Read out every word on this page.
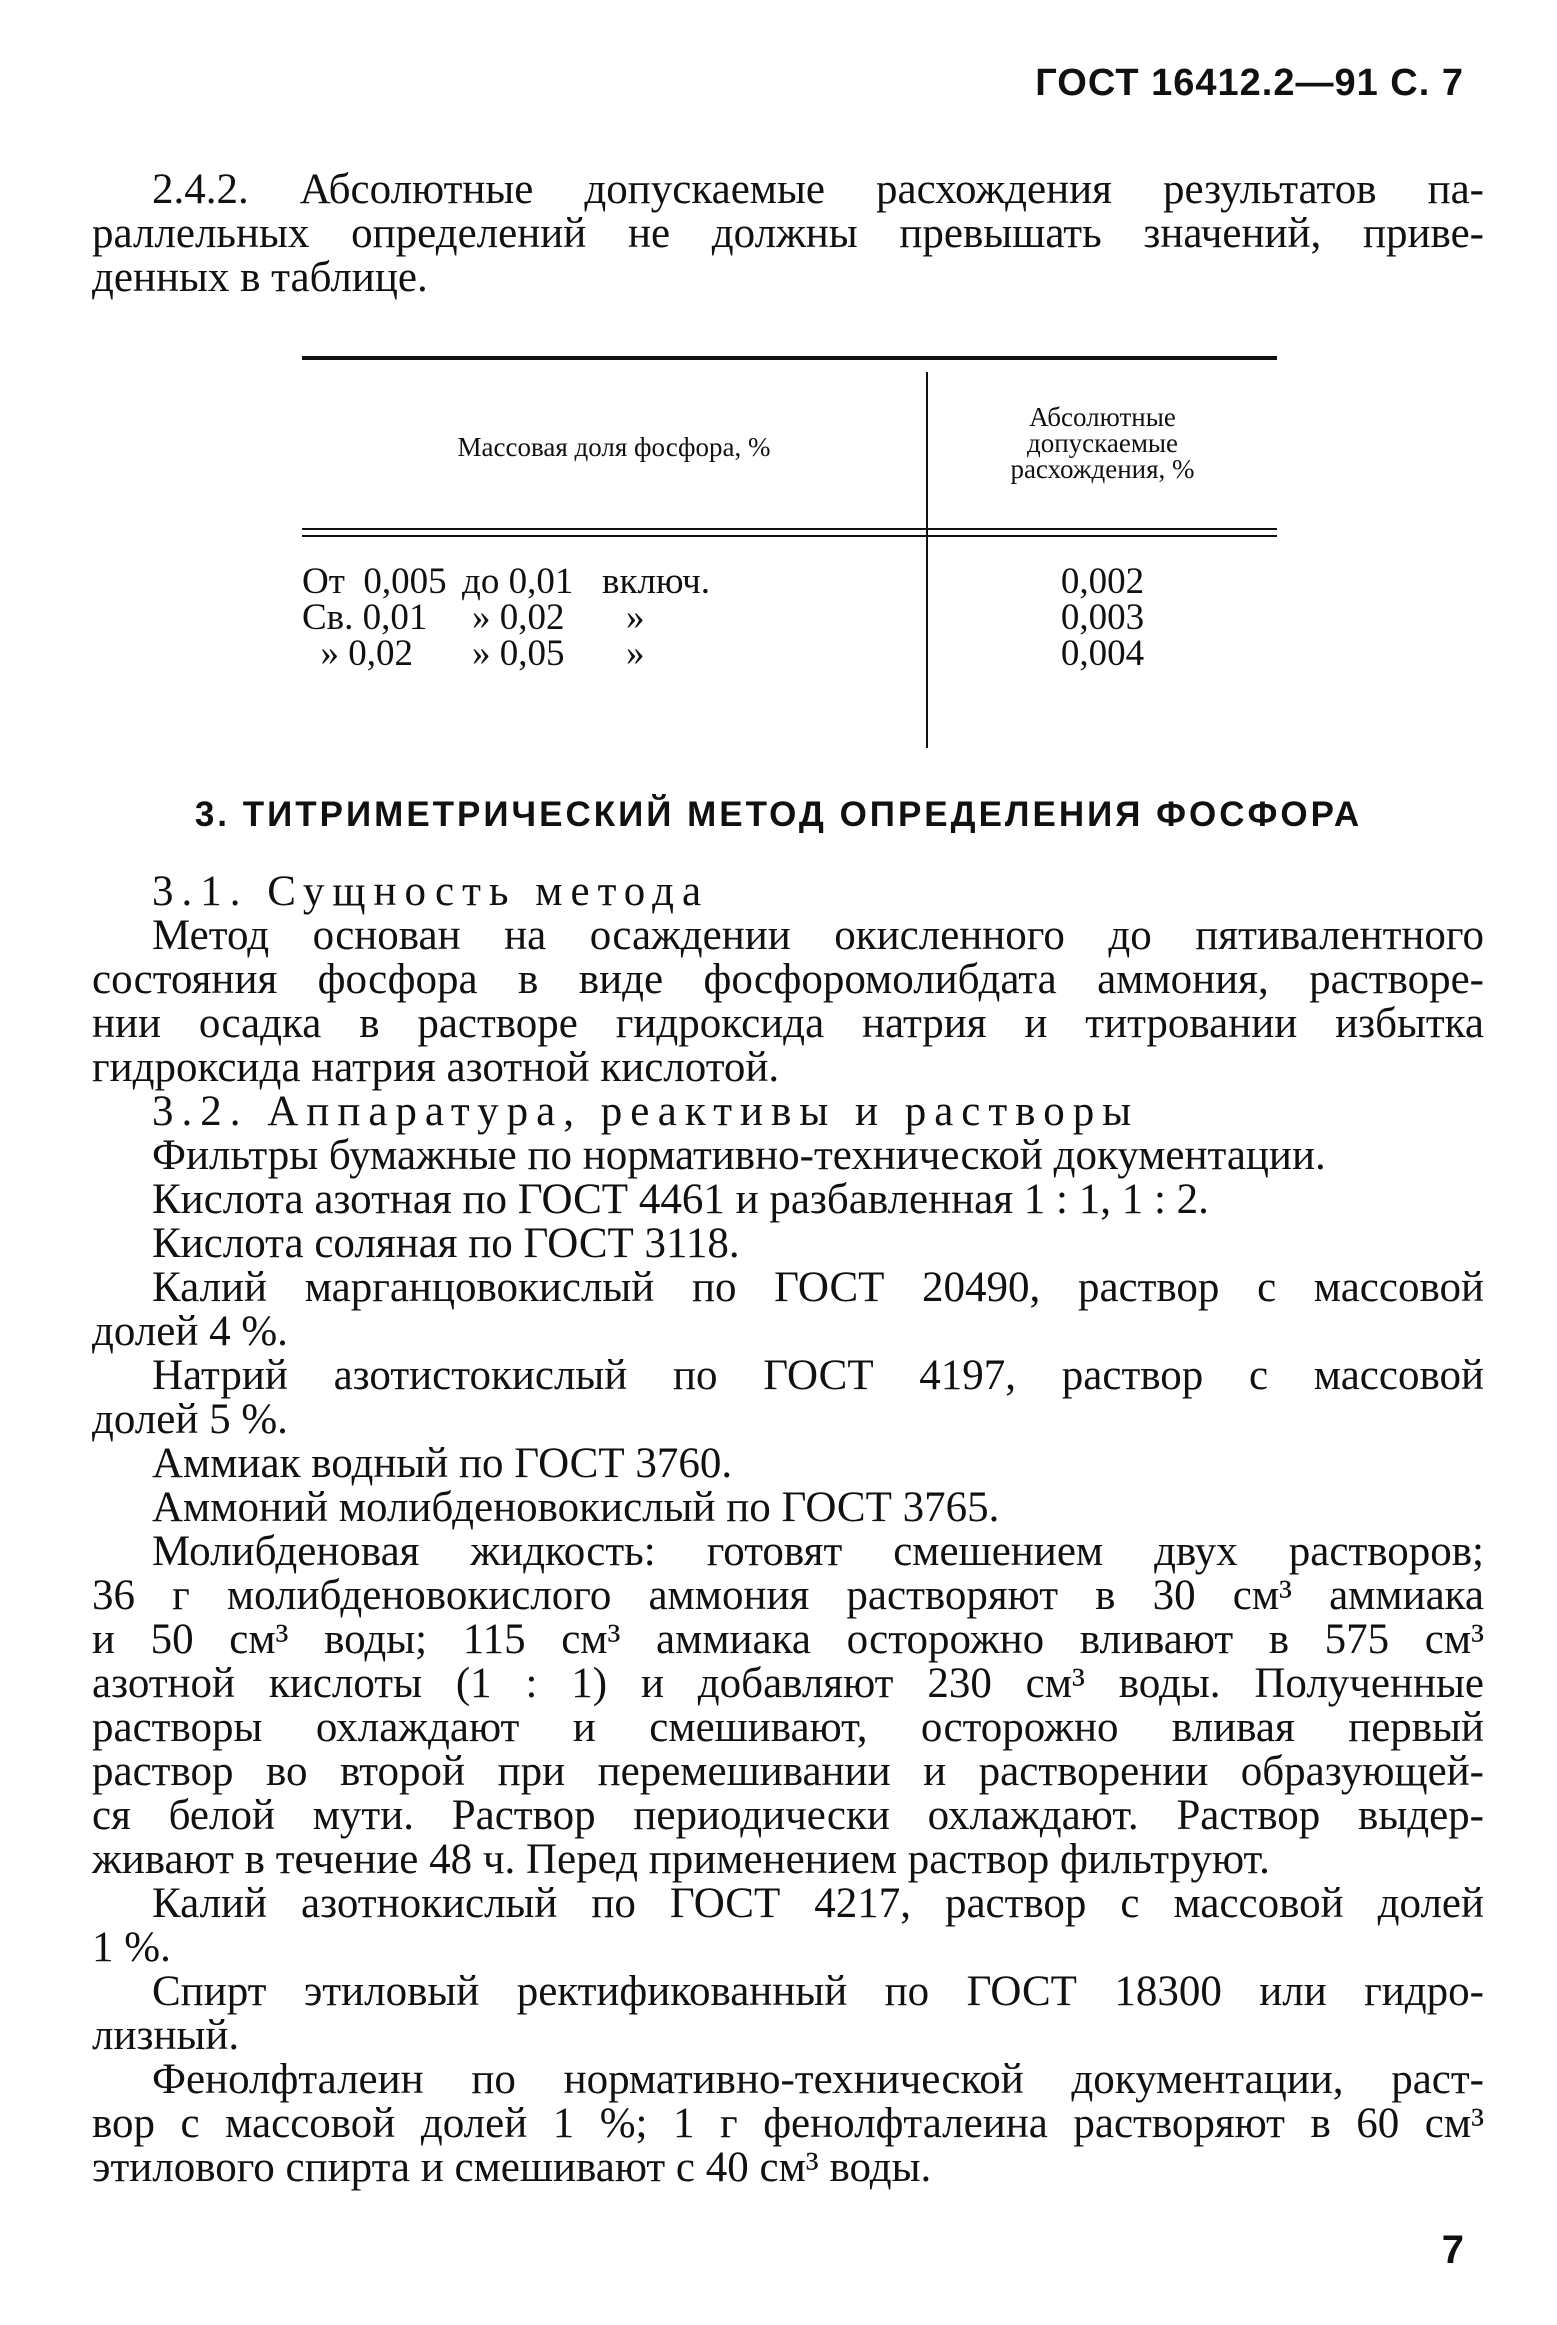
ГОСТ 16412.2—91 С. 7
2.4.2. Абсолютные допускаемые расхождения результатов па-
раллельных определений не должны превышать значений, приве-
денных в таблице.
Массовая доля фосфора, %
Абсолютные
допускаемые
расхождения, %
От  0,005 до 0,01 включ.	0,002
Св. 0,01 » 0,02 »	0,003
» 0,02 » 0,05 »	0,004
3. ТИТРИМЕТРИЧЕСКИЙ МЕТОД ОПРЕДЕЛЕНИЯ ФОСФОРА
3.1. Сущность метода
Метод основан на осаждении окисленного до пятивалентного
состояния фосфора в виде фосфоромолибдата аммония, растворе-
нии осадка в растворе гидроксида натрия и титровании избытка
гидроксида натрия азотной кислотой.
3.2. Аппаратура, реактивы и растворы
Фильтры бумажные по нормативно-технической документации.
Кислота азотная по ГОСТ 4461 и разбавленная 1 : 1, 1 : 2.
Кислота соляная по ГОСТ 3118.
Калий марганцовокислый по ГОСТ 20490, раствор с массовой
долей 4 %.
Натрий азотистокислый по ГОСТ 4197, раствор с массовой
долей 5 %.
Аммиак водный по ГОСТ 3760.
Аммоний молибденовокислый по ГОСТ 3765.
Молибденовая жидкость: готовят смешением двух растворов;
36 г молибденовокислого аммония растворяют в 30 см³ аммиака
и 50 см³ воды; 115 см³ аммиака осторожно вливают в 575 см³
азотной кислоты (1 : 1) и добавляют 230 см³ воды. Полученные
растворы охлаждают и смешивают, осторожно вливая первый
раствор во второй при перемешивании и растворении образующей-
ся белой мути. Раствор периодически охлаждают. Раствор выдер-
живают в течение 48 ч. Перед применением раствор фильтруют.
Калий азотнокислый по ГОСТ 4217, раствор с массовой долей
1 %.
Спирт этиловый ректификованный по ГОСТ 18300 или гидро-
лизный.
Фенолфталеин по нормативно-технической документации, раст-
вор с массовой долей 1 %; 1 г фенолфталеина растворяют в 60 см³
этилового спирта и смешивают с 40 см³ воды.
7
